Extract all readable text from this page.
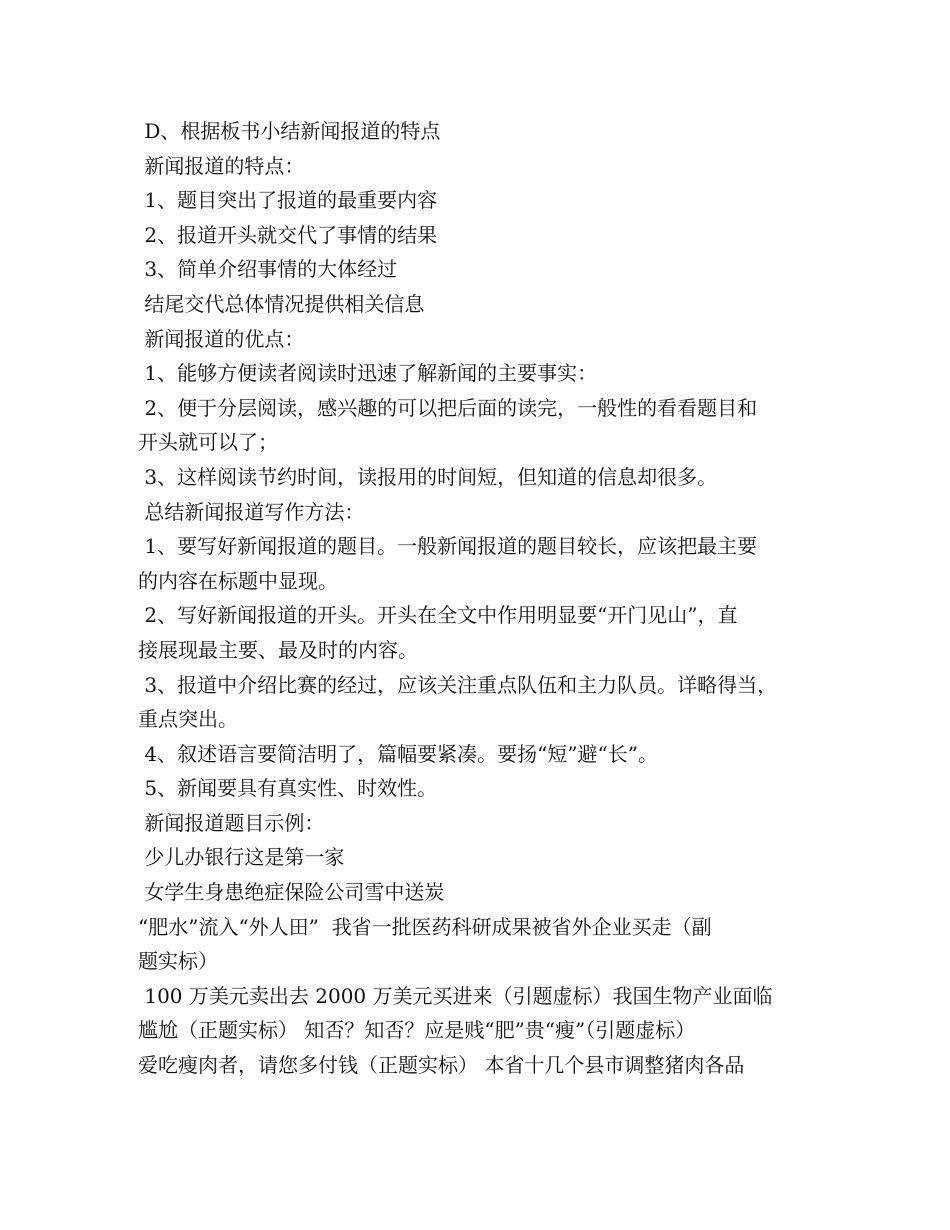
D、根据板书小结新闻报道的特点
新闻报道的特点：
1、题目突出了报道的最重要内容
2、报道开头就交代了事情的结果
3、简单介绍事情的大体经过
结尾交代总体情况提供相关信息
新闻报道的优点：
1、能够方便读者阅读时迅速了解新闻的主要事实：
2、便于分层阅读，感兴趣的可以把后面的读完，一般性的看看题目和
开头就可以了；
3、这样阅读节约时间，读报用的时间短，但知道的信息却很多。
总结新闻报道写作方法：
1、要写好新闻报道的题目。一般新闻报道的题目较长，应该把最主要
的内容在标题中显现。
2、写好新闻报道的开头。开头在全文中作用明显要“开门见山”，直
接展现最主要、最及时的内容。
3、报道中介绍比赛的经过，应该关注重点队伍和主力队员。详略得当，
重点突出。
4、叙述语言要简洁明了，篇幅要紧凑。要扬“短”避“长”。
5、新闻要具有真实性、时效性。
新闻报道题目示例：
少儿办银行这是第一家
女学生身患绝症保险公司雪中送炭
“肥水”流入“外人田”  我省一批医药科研成果被省外企业买走（副
题实标）
100 万美元卖出去 2000 万美元买进来（引题虚标）我国生物产业面临
尴尬（正题实标） 知否？知否？应是贱“肥”贵“瘦”（引题虚标）
爱吃瘦肉者，请您多付钱（正题实标） 本省十几个县市调整猪肉各品
